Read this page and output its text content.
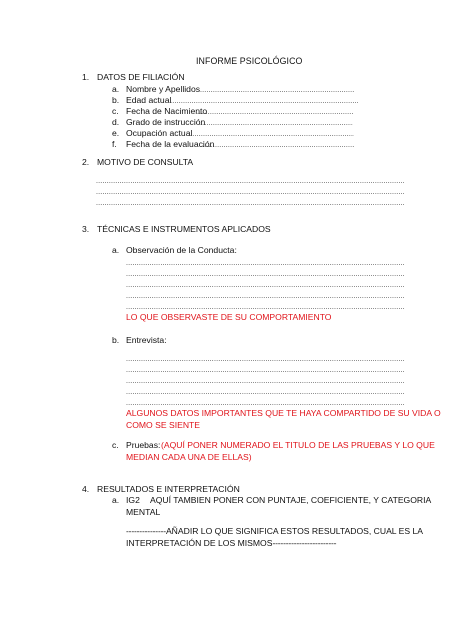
INFORME PSICOLÓGICO
1. DATOS DE FILIACIÓN
a. Nombre y Apellidos
.....
b. Edad actual
.....
c. Fecha de Nacimiento
.....
d. Grado de instrucción
.....
e. Ocupación actual
.....
f. Fecha de la evaluación
.....
2. MOTIVO DE CONSULTA
.....
.....
.....
3. TÉCNICAS E INSTRUMENTOS APLICADOS
a. Observación de la Conducta:
.....
.....
.....
.....
.....
LO QUE OBSERVASTE DE SU COMPORTAMIENTO
b. Entrevista:
.....
.....
.....
.....
.....
ALGUNOS DATOS IMPORTANTES QUE TE HAYA COMPARTIDO DE SU VIDA O
COMO SE SIENTE
c. Pruebas: (AQUÍ PONER NUMERADO EL TITULO DE LAS PRUEBAS Y LO QUE
MEDIAN CADA UNA DE ELLAS)
4. RESULTADOS E INTERPRETACIÓN
a. IG2 AQUÍ TAMBIEN PONER CON PUNTAJE, COEFICIENTE, Y CATEGORIA
MENTAL
---------------AÑADIR LO QUE SIGNIFICA ESTOS RESULTADOS, CUAL ES LA
INTERPRETACIÓN DE LOS MISMOS------------------------
